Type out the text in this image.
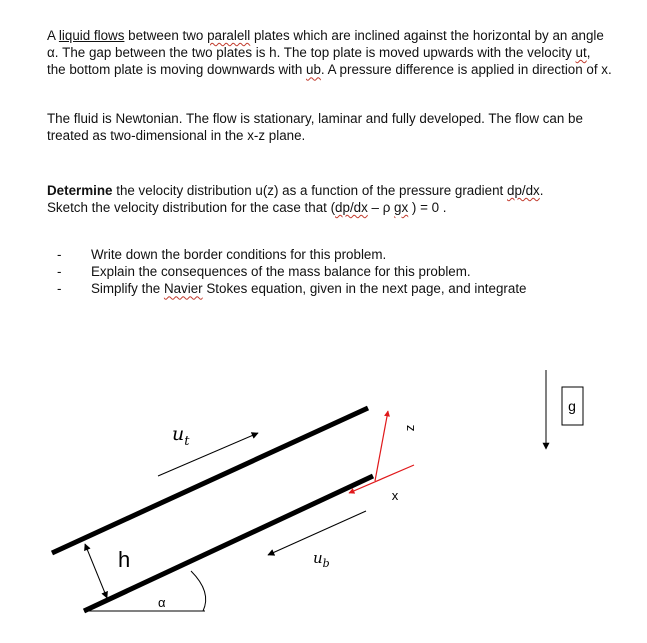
A liquid flows between two paralell plates which are inclined against the horizontal by an angle α. The gap between the two plates is h. The top plate is moved upwards with the velocity ut, the bottom plate is moving downwards with ub. A pressure difference is applied in direction of x.

The fluid is Newtonian. The flow is stationary, laminar and fully developed. The flow can be treated as two-dimensional in the x-z plane.

Determine the velocity distribution u(z) as a function of the pressure gradient dp/dx.
Sketch the velocity distribution for the case that (dp/dx – ρ gx ) = 0 .

- Write down the border conditions for this problem.
- Explain the consequences of the mass balance for this problem.
- Simplify the Navier Stokes equation, given in the next page, and integrate
g
z
x
h
α
$u_t$
$u_b$
